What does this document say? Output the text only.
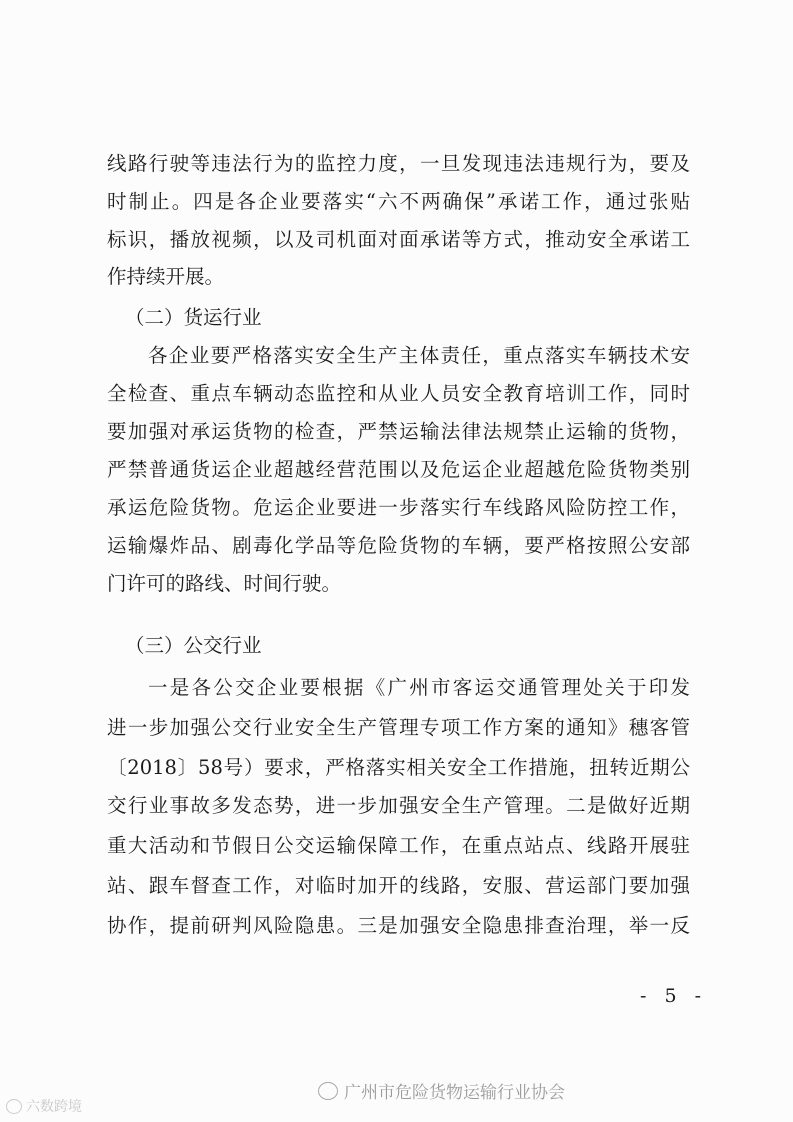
线路行驶等违法行为的监控力度，一旦发现违法违规行为，要及
时制止。四是各企业要落实“六不两确保”承诺工作，通过张贴
标识，播放视频，以及司机面对面承诺等方式，推动安全承诺工
作持续开展。
（二）货运行业
各企业要严格落实安全生产主体责任，重点落实车辆技术安
全检查、重点车辆动态监控和从业人员安全教育培训工作，同时
要加强对承运货物的检查，严禁运输法律法规禁止运输的货物，
严禁普通货运企业超越经营范围以及危运企业超越危险货物类别
承运危险货物。危运企业要进一步落实行车线路风险防控工作，
运输爆炸品、剧毒化学品等危险货物的车辆，要严格按照公安部
门许可的路线、时间行驶。
（三）公交行业
一是各公交企业要根据《广州市客运交通管理处关于印发
进一步加强公交行业安全生产管理专项工作方案的通知》穗客管
〔2018〕58号）要求，严格落实相关安全工作措施，扭转近期公
交行业事故多发态势，进一步加强安全生产管理。二是做好近期
重大活动和节假日公交运输保障工作，在重点站点、线路开展驻
站、跟车督查工作，对临时加开的线路，安服、营运部门要加强
协作，提前研判风险隐患。三是加强安全隐患排查治理，举一反
- 5 -
广州市危险货物运输行业协会
六数跨境
